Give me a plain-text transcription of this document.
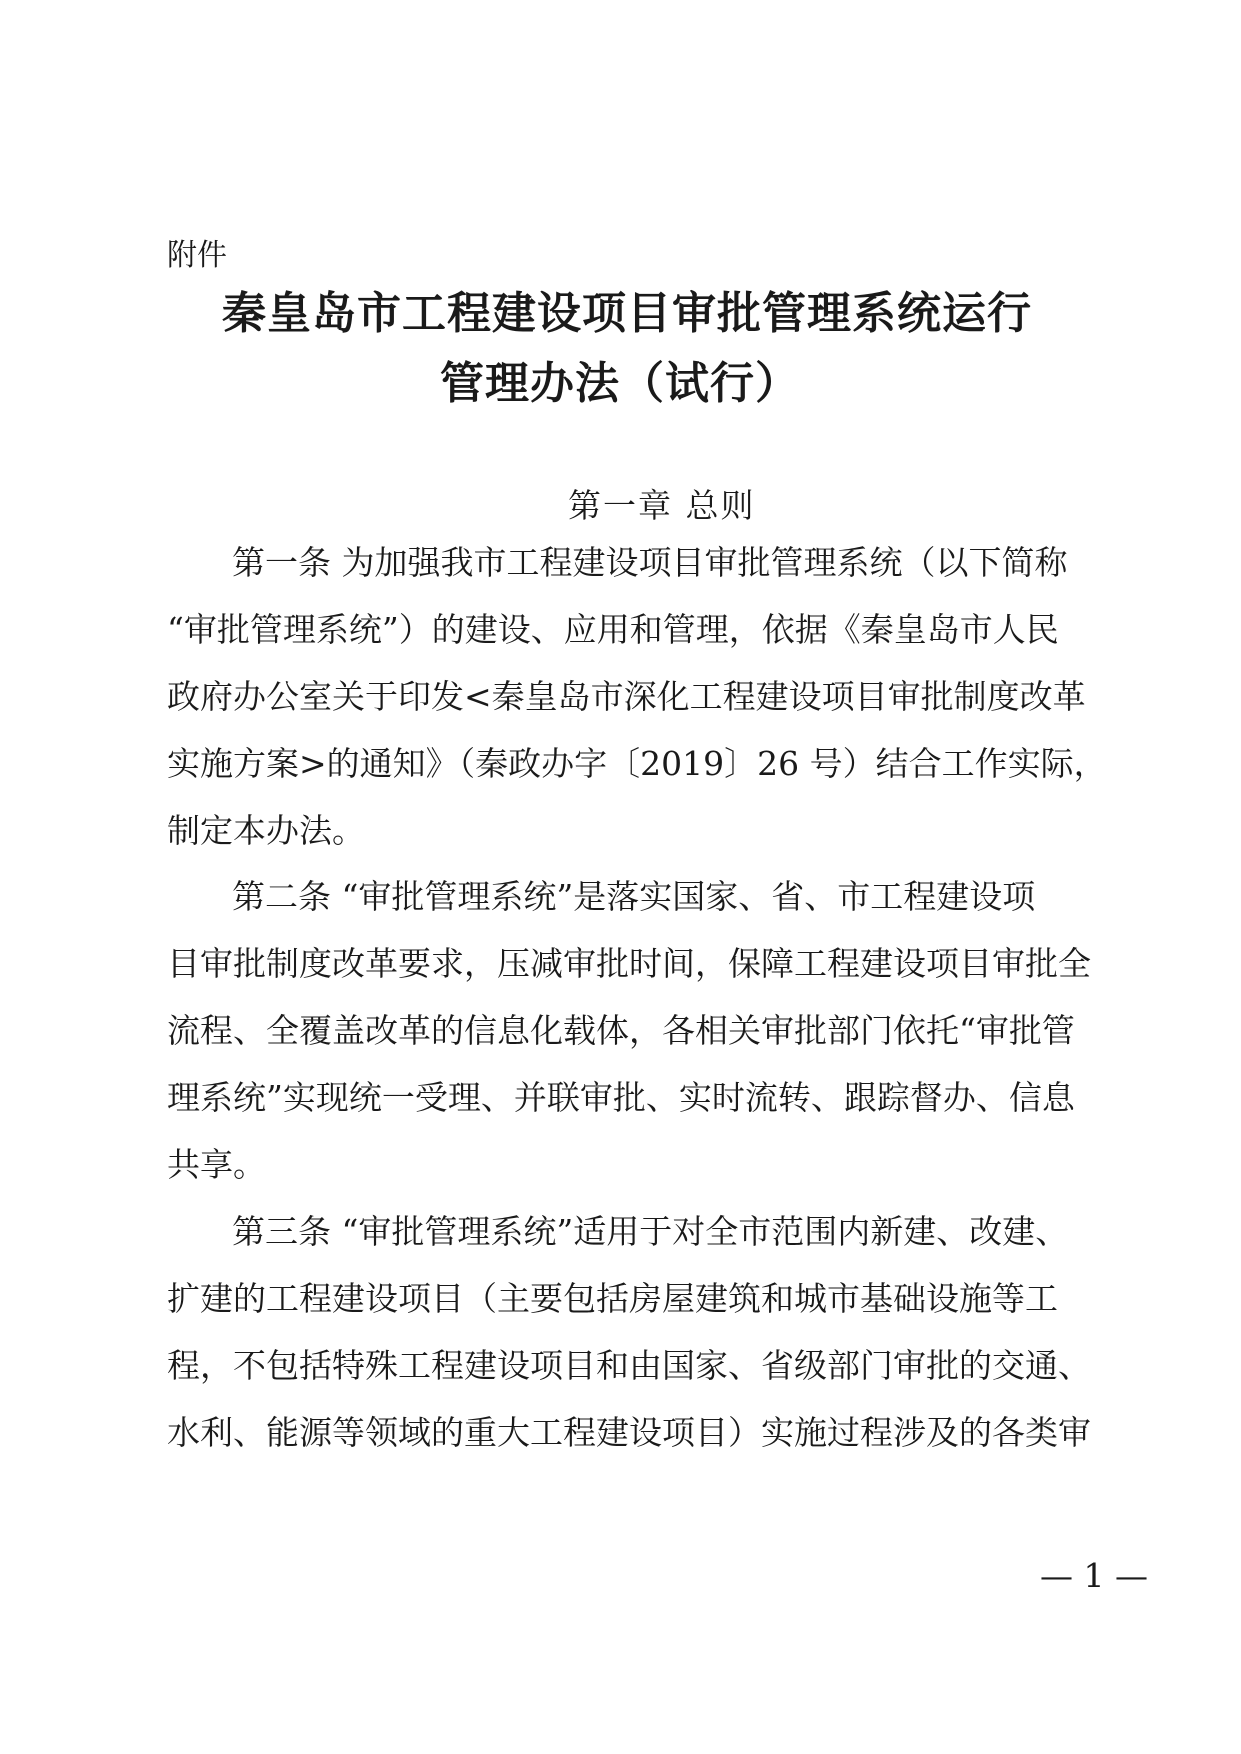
附件
秦皇岛市工程建设项目审批管理系统运行
管理办法（试行）
第一章 总则
第一条 为加强我市工程建设项目审批管理系统（以下简称
“审批管理系统”）的建设、应用和管理，依据《秦皇岛市人民
政府办公室关于印发<秦皇岛市深化工程建设项目审批制度改革
实施方案>的通知》（秦政办字〔2019〕26 号）结合工作实际，
制定本办法。
第二条 “审批管理系统”是落实国家、省、市工程建设项
目审批制度改革要求，压减审批时间，保障工程建设项目审批全
流程、全覆盖改革的信息化载体，各相关审批部门依托“审批管
理系统”实现统一受理、并联审批、实时流转、跟踪督办、信息
共享。
第三条 “审批管理系统”适用于对全市范围内新建、改建、
扩建的工程建设项目（主要包括房屋建筑和城市基础设施等工
程，不包括特殊工程建设项目和由国家、省级部门审批的交通、
水利、能源等领域的重大工程建设项目）实施过程涉及的各类审
— 1 —
